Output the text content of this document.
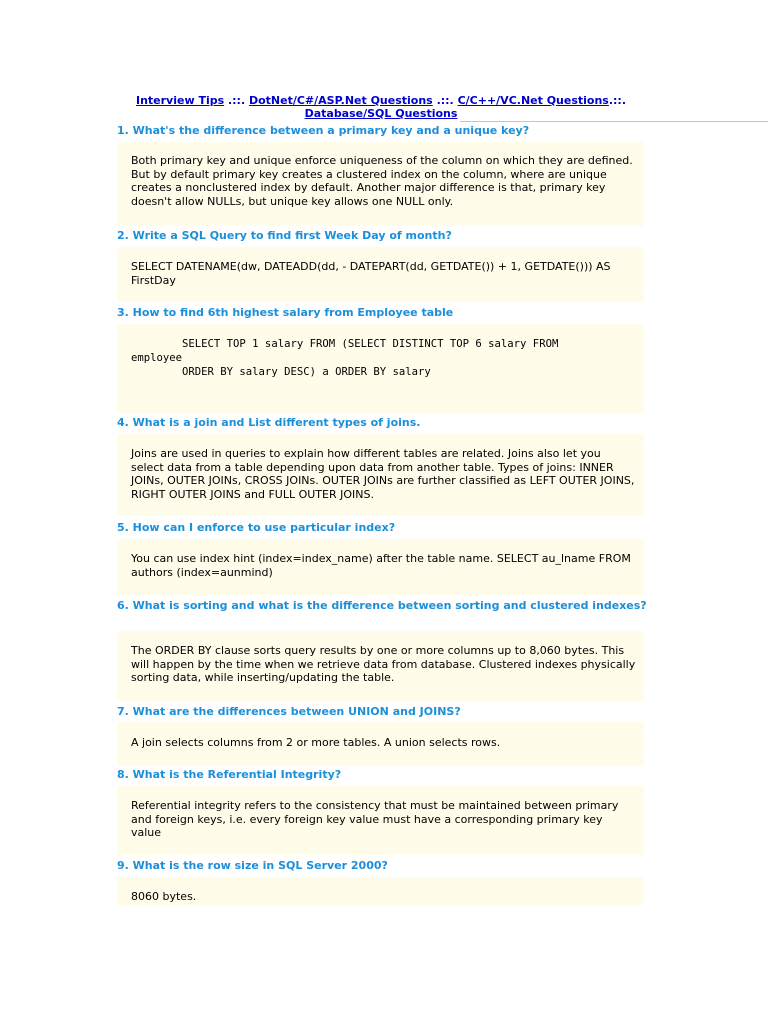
Interview Tips .::. DotNet/C#/ASP.Net Questions .::. C/C++/VC.Net Questions.::.
Database/SQL Questions
1. What's the difference between a primary key and a unique key?
Both primary key and unique enforce uniqueness of the column on which they are defined. But by default primary key creates a clustered index on the column, where are unique creates a nonclustered index by default. Another major difference is that, primary key doesn't allow NULLs, but unique key allows one NULL only.
2. Write a SQL Query to find first Week Day of month?
SELECT DATENAME(dw, DATEADD(dd, - DATEPART(dd, GETDATE()) + 1, GETDATE())) AS FirstDay
3. How to find 6th highest salary from Employee table
SELECT TOP 1 salary FROM (SELECT DISTINCT TOP 6 salary FROM
employee
ORDER BY salary DESC) a ORDER BY salary
4. What is a join and List different types of joins.
Joins are used in queries to explain how different tables are related. Joins also let you select data from a table depending upon data from another table. Types of joins: INNER JOINs, OUTER JOINs, CROSS JOINs. OUTER JOINs are further classified as LEFT OUTER JOINS, RIGHT OUTER JOINS and FULL OUTER JOINS.
5. How can I enforce to use particular index?
You can use index hint (index=index_name) after the table name. SELECT au_lname FROM authors (index=aunmind)
6. What is sorting and what is the difference between sorting and clustered indexes?
The ORDER BY clause sorts query results by one or more columns up to 8,060 bytes. This will happen by the time when we retrieve data from database. Clustered indexes physically sorting data, while inserting/updating the table.
7. What are the differences between UNION and JOINS?
A join selects columns from 2 or more tables. A union selects rows.
8. What is the Referential Integrity?
Referential integrity refers to the consistency that must be maintained between primary and foreign keys, i.e. every foreign key value must have a corresponding primary key value
9. What is the row size in SQL Server 2000?
8060 bytes.
